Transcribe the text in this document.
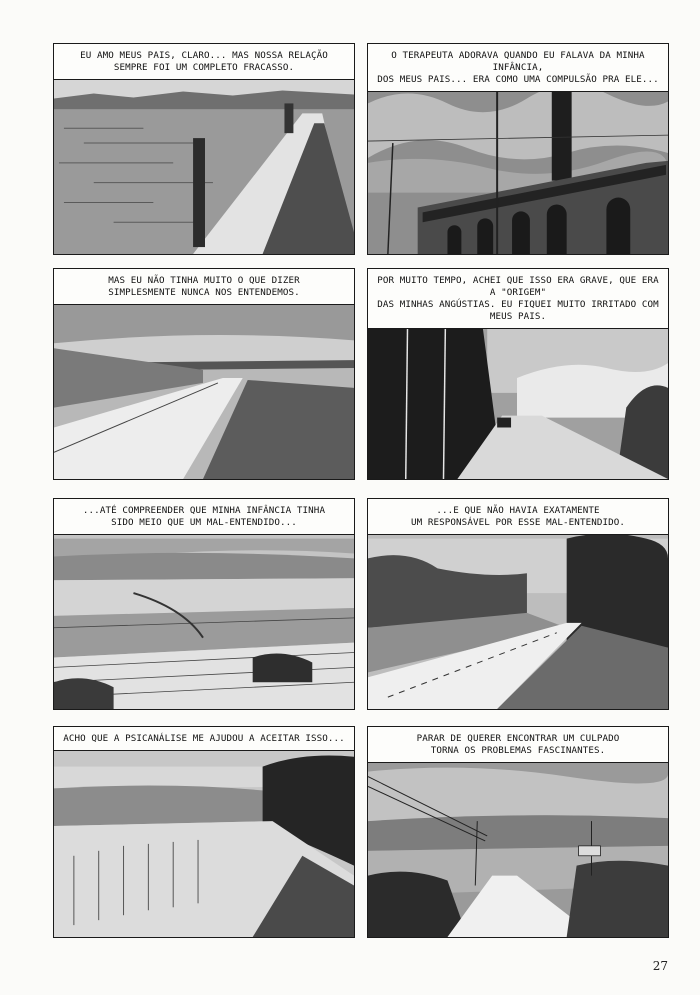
EU AMO MEUS PAIS, CLARO... MAS NOSSA RELAÇÃO
SEMPRE FOI UM COMPLETO FRACASSO.
O TERAPEUTA ADORAVA QUANDO EU FALAVA DA MINHA INFÂNCIA,
DOS MEUS PAIS... ERA COMO UMA COMPULSÃO PRA ELE...
MAS EU NÃO TINHA MUITO O QUE DIZER
SIMPLESMENTE NUNCA NOS ENTENDEMOS.
POR MUITO TEMPO, ACHEI QUE ISSO ERA GRAVE, QUE ERA A "ORIGEM"
DAS MINHAS ANGÚSTIAS. EU FIQUEI MUITO IRRITADO COM MEUS PAIS.
...ATÉ COMPREENDER QUE MINHA INFÂNCIA TINHA
SIDO MEIO QUE UM MAL-ENTENDIDO...
...E QUE NÃO HAVIA EXATAMENTE
UM RESPONSÁVEL POR ESSE MAL-ENTENDIDO.
ACHO QUE A PSICANÁLISE ME AJUDOU A ACEITAR ISSO...	PARAR DE QUERER ENCONTRAR UM CULPADO
TORNA OS PROBLEMAS FASCINANTES.
27
